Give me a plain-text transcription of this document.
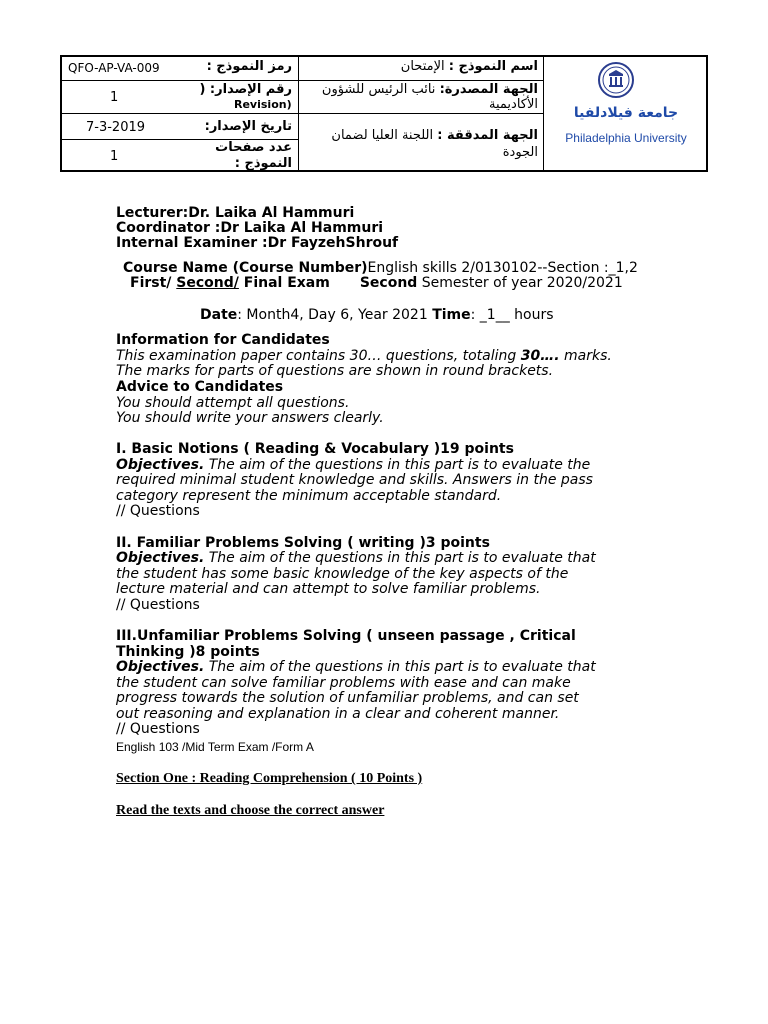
QFO-AP-VA-009	رمز النموذج :
1
رقم الإصدار: (
Revision)
7-3-2019	تاريخ الإصدار:
1
عدد صفحات النموذج :
اسم النموذج : الإمتحان
الجهة المصدرة: نائب الرئيس للشؤون الأكاديمية
الجهة المدققة : اللجنة العليا لضمان الجودة
جامعة فيلادلفيا
Philadelphia University
Lecturer:Dr. Laika Al Hammuri
Coordinator :Dr Laika Al Hammuri
Internal Examiner :Dr FayzehShrouf
Course Name (Course Number)English skills 2/0130102--Section :_1,2
First/ Second/ Final Exam Second Semester of year 2020/2021
Date: Month4, Day 6, Year 2021 Time: _1__ hours
Information for Candidates
This examination paper contains 30… questions, totaling 30…. marks.
The marks for parts of questions are shown in round brackets.
Advice to Candidates
You should attempt all questions.
You should write your answers clearly.
I. Basic Notions ( Reading & Vocabulary )19 points
Objectives. The aim of the questions in this part is to evaluate the
required minimal student knowledge and skills. Answers in the pass
category represent the minimum acceptable standard.
// Questions
II. Familiar Problems Solving ( writing )3 points
Objectives. The aim of the questions in this part is to evaluate that
the student has some basic knowledge of the key aspects of the
lecture material and can attempt to solve familiar problems.
// Questions
III.Unfamiliar Problems Solving ( unseen passage , Critical
Thinking )8 points
Objectives. The aim of the questions in this part is to evaluate that
the student can solve familiar problems with ease and can make
progress towards the solution of unfamiliar problems, and can set
out reasoning and explanation in a clear and coherent manner.
// Questions
English 103 /Mid Term Exam /Form A
Section One : Reading Comprehension ( 10 Points )
Read the texts and choose the correct answer
